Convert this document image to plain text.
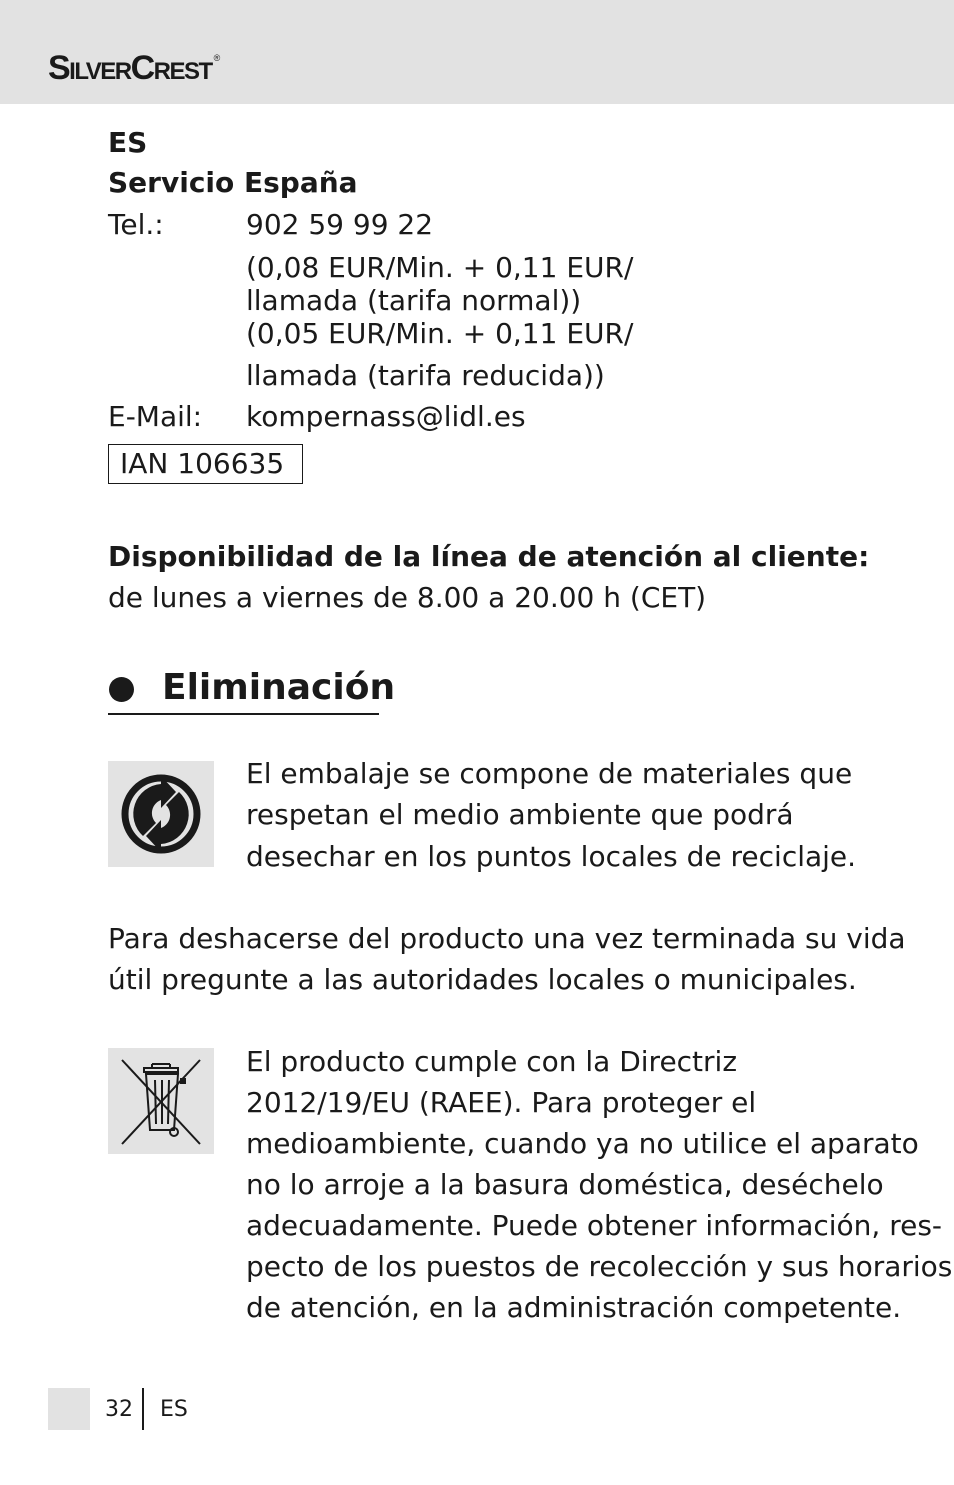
SilverCrest ®
ES
Servicio España
Tel.:	902 59 99 22
(0,08 EUR/Min. + 0,11 EUR/
llamada (tarifa normal))
(0,05 EUR/Min. + 0,11 EUR/
llamada (tarifa reducida))
E-Mail: kompernass@lidl.es
IAN 106635
Disponibilidad de la línea de atención al cliente:
de lunes a viernes de 8.00 a 20.00 h (CET)
Eliminación
El embalaje se compone de materiales que
respetan el medio ambiente que podrá
desechar en los puntos locales de reciclaje.
Para deshacerse del producto una vez terminada su vida
útil pregunte a las autoridades locales o municipales.
El producto cumple con la Directriz
2012/19/EU (RAEE). Para proteger el
medioambiente, cuando ya no utilice el aparato
no lo arroje a la basura doméstica, deséchelo
adecuadamente. Puede obtener información, res-
pecto de los puestos de recolección y sus horarios
de atención, en la administración competente.
32 ES
